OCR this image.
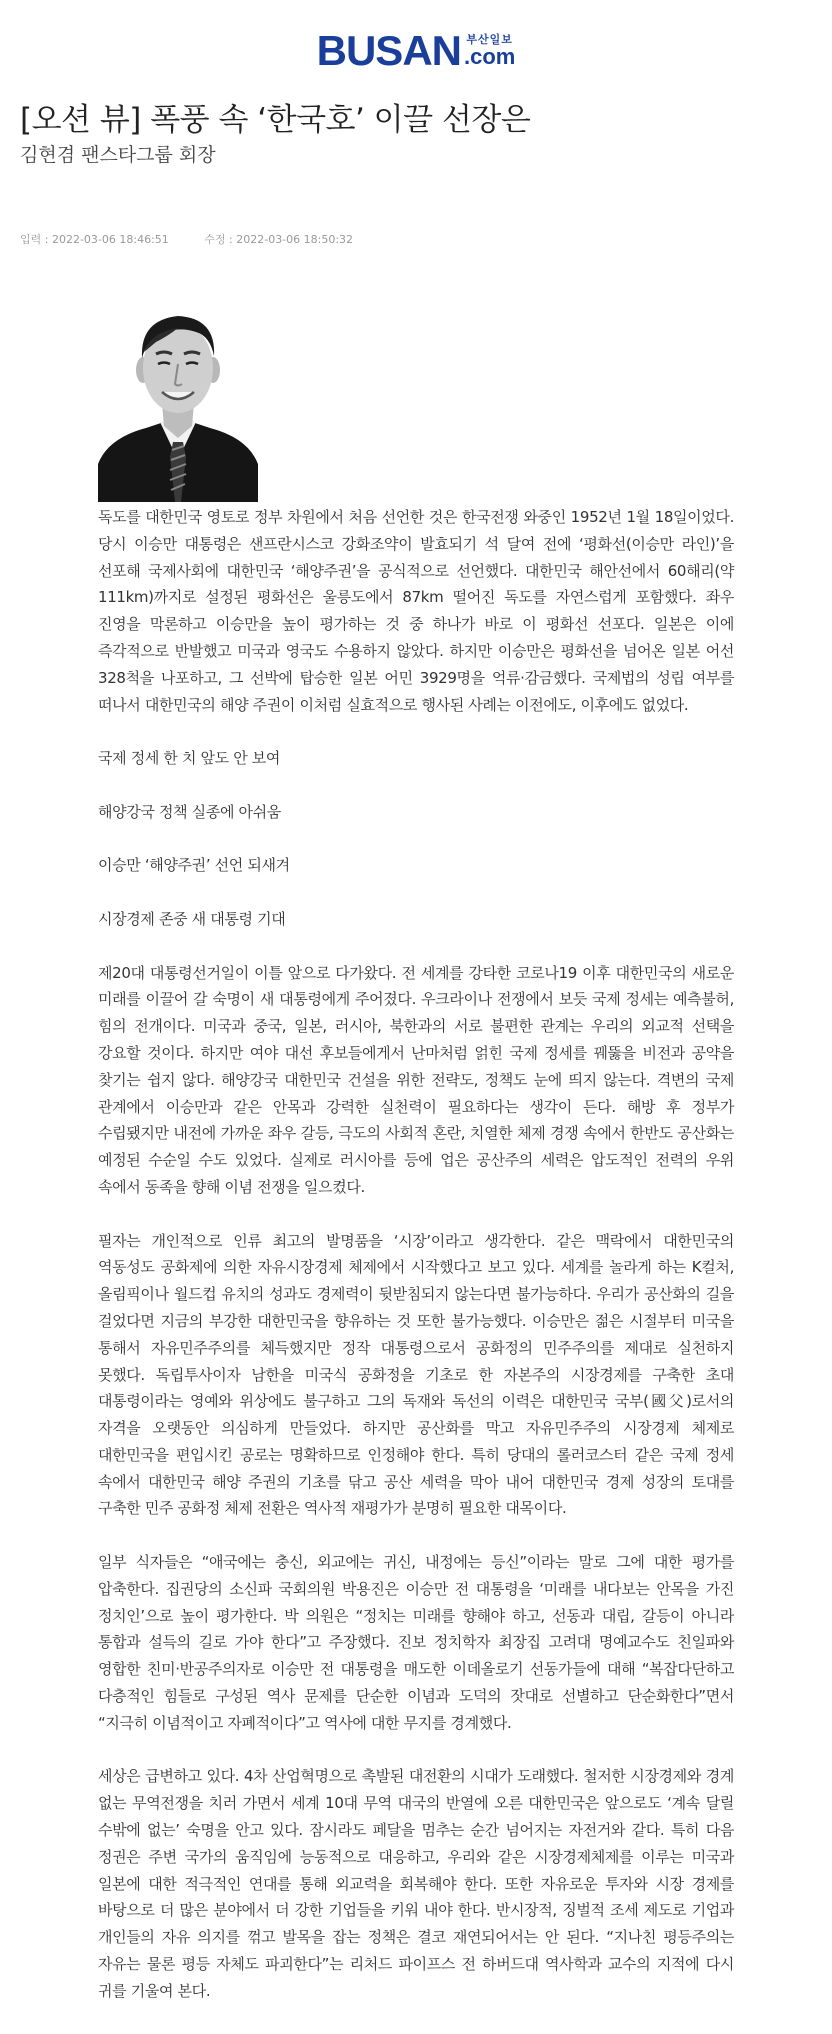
BUSAN 부산일보
.com
[오션 뷰] 폭풍 속 ‘한국호’ 이끌 선장은
김현겸 팬스타그룹 회장
입력 : 2022-03-06 18:46:51	수정 : 2022-03-06 18:50:32

독도를 대한민국 영토로 정부 차원에서 처음 선언한 것은 한국전쟁 와중인 1952년 1월 18일이었다. 당시 이승만 대통령은 샌프란시스코 강화조약이 발효되기 석 달여 전에 ‘평화선(이승만 라인)’을 선포해 국제사회에 대한민국 ‘해양주권’을 공식적으로 선언했다. 대한민국 해안선에서 60해리(약 111km)까지로 설정된 평화선은 울릉도에서 87km 떨어진 독도를 자연스럽게 포함했다. 좌우 진영을 막론하고 이승만을 높이 평가하는 것 중 하나가 바로 이 평화선 선포다. 일본은 이에 즉각적으로 반발했고 미국과 영국도 수용하지 않았다. 하지만 이승만은 평화선을 넘어온 일본 어선 328척을 나포하고, 그 선박에 탑승한 일본 어민 3929명을 억류·감금했다. 국제법의 성립 여부를 떠나서 대한민국의 해양 주권이 이처럼 실효적으로 행사된 사례는 이전에도, 이후에도 없었다.

국제 정세 한 치 앞도 안 보여

해양강국 정책 실종에 아쉬움

이승만 ‘해양주권’ 선언 되새겨

시장경제 존중 새 대통령 기대

제20대 대통령선거일이 이틀 앞으로 다가왔다. 전 세계를 강타한 코로나19 이후 대한민국의 새로운 미래를 이끌어 갈 숙명이 새 대통령에게 주어졌다. 우크라이나 전쟁에서 보듯 국제 정세는 예측불허, 힘의 전개이다. 미국과 중국, 일본, 러시아, 북한과의 서로 불편한 관계는 우리의 외교적 선택을 강요할 것이다. 하지만 여야 대선 후보들에게서 난마처럼 얽힌 국제 정세를 꿰뚫을 비전과 공약을 찾기는 쉽지 않다. 해양강국 대한민국 건설을 위한 전략도, 정책도 눈에 띄지 않는다. 격변의 국제 관계에서 이승만과 같은 안목과 강력한 실천력이 필요하다는 생각이 든다. 해방 후 정부가 수립됐지만 내전에 가까운 좌우 갈등, 극도의 사회적 혼란, 치열한 체제 경쟁 속에서 한반도 공산화는 예정된 수순일 수도 있었다. 실제로 러시아를 등에 업은 공산주의 세력은 압도적인 전력의 우위 속에서 동족을 향해 이념 전쟁을 일으켰다.

필자는 개인적으로 인류 최고의 발명품을 ‘시장’이라고 생각한다. 같은 맥락에서 대한민국의 역동성도 공화제에 의한 자유시장경제 체제에서 시작했다고 보고 있다. 세계를 놀라게 하는 K컬처, 올림픽이나 월드컵 유치의 성과도 경제력이 뒷받침되지 않는다면 불가능하다. 우리가 공산화의 길을 걸었다면 지금의 부강한 대한민국을 향유하는 것 또한 불가능했다. 이승만은 젊은 시절부터 미국을 통해서 자유민주주의를 체득했지만 정작 대통령으로서 공화정의 민주주의를 제대로 실천하지 못했다. 독립투사이자 남한을 미국식 공화정을 기초로 한 자본주의 시장경제를 구축한 초대 대통령이라는 영예와 위상에도 불구하고 그의 독재와 독선의 이력은 대한민국 국부(國父)로서의 자격을 오랫동안 의심하게 만들었다. 하지만 공산화를 막고 자유민주주의 시장경제 체제로 대한민국을 편입시킨 공로는 명확하므로 인정해야 한다. 특히 당대의 롤러코스터 같은 국제 정세 속에서 대한민국 해양 주권의 기초를 닦고 공산 세력을 막아 내어 대한민국 경제 성장의 토대를 구축한 민주 공화정 체제 전환은 역사적 재평가가 분명히 필요한 대목이다.

일부 식자들은 “애국에는 충신, 외교에는 귀신, 내정에는 등신”이라는 말로 그에 대한 평가를 압축한다. 집권당의 소신파 국회의원 박용진은 이승만 전 대통령을 ‘미래를 내다보는 안목을 가진 정치인’으로 높이 평가한다. 박 의원은 “정치는 미래를 향해야 하고, 선동과 대립, 갈등이 아니라 통합과 설득의 길로 가야 한다”고 주장했다. 진보 정치학자 최장집 고려대 명예교수도 친일파와 영합한 친미·반공주의자로 이승만 전 대통령을 매도한 이데올로기 선동가들에 대해 “복잡다단하고 다층적인 힘들로 구성된 역사 문제를 단순한 이념과 도덕의 잣대로 선별하고 단순화한다”면서 “지극히 이념적이고 자폐적이다”고 역사에 대한 무지를 경계했다.

세상은 급변하고 있다. 4차 산업혁명으로 촉발된 대전환의 시대가 도래했다. 철저한 시장경제와 경계 없는 무역전쟁을 치러 가면서 세계 10대 무역 대국의 반열에 오른 대한민국은 앞으로도 ‘계속 달릴 수밖에 없는’ 숙명을 안고 있다. 잠시라도 페달을 멈추는 순간 넘어지는 자전거와 같다. 특히 다음 정권은 주변 국가의 움직임에 능동적으로 대응하고, 우리와 같은 시장경제체제를 이루는 미국과 일본에 대한 적극적인 연대를 통해 외교력을 회복해야 한다. 또한 자유로운 투자와 시장 경제를 바탕으로 더 많은 분야에서 더 강한 기업들을 키워 내야 한다. 반시장적, 징벌적 조세 제도로 기업과 개인들의 자유 의지를 꺾고 발목을 잡는 정책은 결코 재연되어서는 안 된다. “지나친 평등주의는 자유는 물론 평등 자체도 파괴한다”는 리처드 파이프스 전 하버드대 역사학과 교수의 지적에 다시 귀를 기울여 본다.
